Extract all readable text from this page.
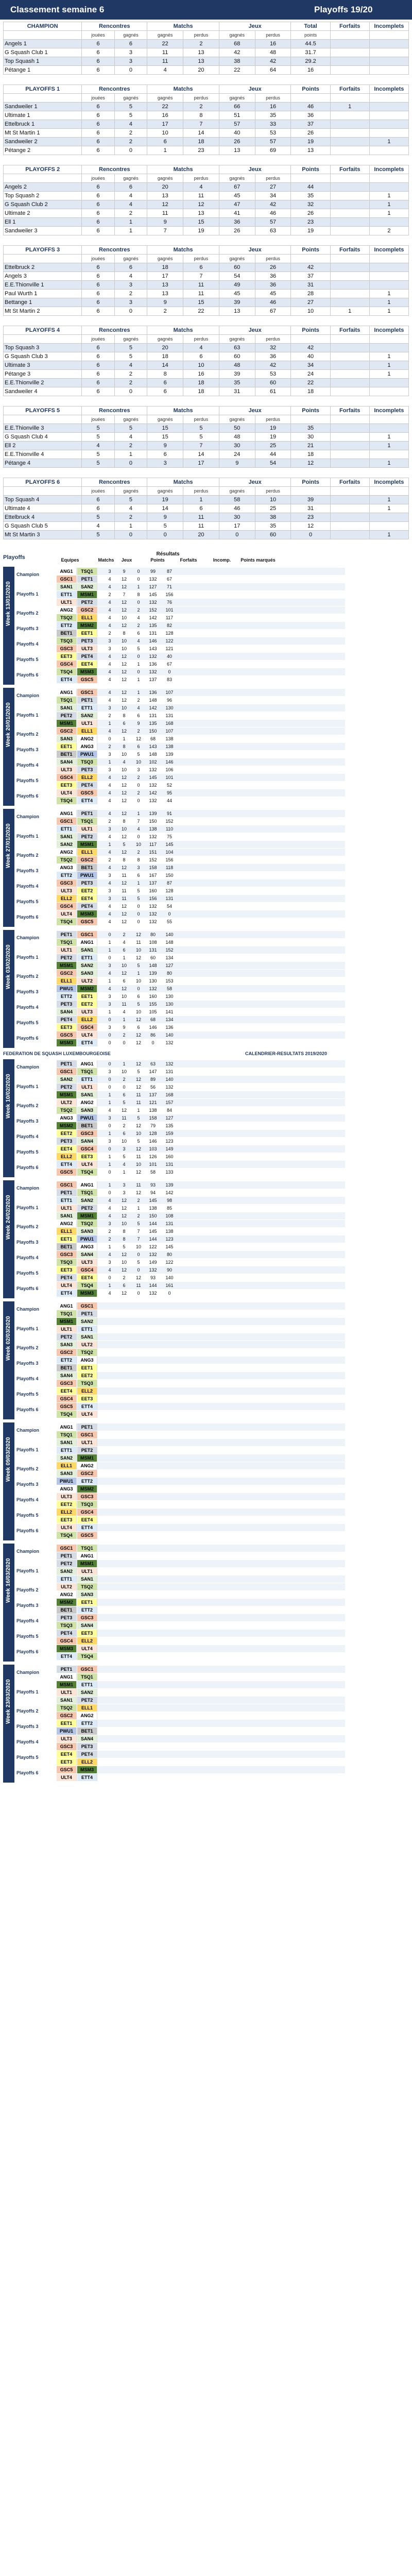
Classement semaine 6	Playoffs 19/20
CHAMPION	Rencontres		Matchs		Jeux		Total	Forfaits	Incomplets
	jouées	gagnés	gagnés	perdus	gagnés	perdus	points		
Angels 1	6	6	22	2	68	16	44.5		
G Squash Club 1	6	3	11	13	42	48	31.7		
Top Squash 1	6	3	11	13	38	42	29.2		
Pétange 1	6	0	4	20	22	64	16		
PLAYOFFS 1	Rencontres		Matchs		Jeux		Points	Forfaits	Incomplets
	jouées	gagnés	gagnés	perdus	gagnés	perdus			
Sandweiler 1	6	5	22	2	66	16	46	1	
Ultimate 1	6	5	16	8	51	35	36		
Ettelbruck 1	6	4	17	7	57	33	37		
Mt St Martin 1	6	2	10	14	40	53	26		
Sandweiler 2	6	2	6	18	26	57	19		1
Pétange 2	6	0	1	23	13	69	13		
PLAYOFFS 2	Rencontres		Matchs		Jeux		Points	Forfaits	Incomplets
	jouées	gagnés	gagnés	perdus	gagnés	perdus			
Angels 2	6	6	20	4	67	27	44		
Top Squash 2	6	4	13	11	45	34	35		1
G Squash Club 2	6	4	12	12	47	42	32		1
Ultimate 2	6	2	11	13	41	46	26		1
Ell 1	6	1	9	15	36	57	23		
Sandweiler 3	6	1	7	19	26	63	19		2
PLAYOFFS 3	Rencontres		Matchs		Jeux		Points	Forfaits	Incomplets
	jouées	gagnés	gagnés	perdus	gagnés	perdus			
Ettelbruck 2	6	6	18	6	60	26	42		
Angels 3	6	4	17	7	54	36	37		
E.E.Thionville 1	6	3	13	11	49	36	31		
Paul Wurth 1	6	2	13	11	45	45	28		1
Bettange 1	6	3	9	15	39	46	27		1
Mt St Martin 2	6	0	2	22	13	67	10	1	1
PLAYOFFS 4	Rencontres		Matchs		Jeux		Points	Forfaits	Incomplets
	jouées	gagnés	gagnés	perdus	gagnés	perdus			
Top Squash 3	6	5	20	4	63	32	42		
G Squash Club 3	6	5	18	6	60	36	40		1
Ultimate 3	6	4	14	10	48	42	34		1
Pétange 3	6	2	8	16	39	53	24		1
E.E.Thionville 2	6	2	6	18	35	60	22		
Sandweiler 4	6	0	6	18	31	61	18		
PLAYOFFS 5	Rencontres		Matchs		Jeux		Points	Forfaits	Incomplets
	jouées	gagnés	gagnés	perdus	gagnés	perdus			
E.E.Thionville 3	5	5	15	5	50	19	35		
G Squash Club 4	5	4	15	5	48	19	30		1
Ell 2	4	2	9	7	30	25	21		1
E.E.Thionville 4	5	1	6	14	24	44	18		
Pétange 4	5	0	3	17	9	54	12		1
PLAYOFFS 6	Rencontres		Matchs		Jeux		Points	Forfaits	Incomplets
	jouées	gagnés	gagnés	perdus	gagnés	perdus			
Top Squash 4	6	5	19	1	58	10	39		1
Ultimate 4	6	4	14	6	46	25	31		1
Ettelbruck 4	5	2	9	11	30	38	23		
G Squash Club 5	4	1	5	11	17	35	12		
Mt St Martin 3	5	0	0	20	0	60	0		1
Playoffs	Equipes	Matchs	Jeux	Points	Forfaits	Incomp.	Points marqués
Résultats
Week 13/01/2020
Champion
ANG1	TSQ1	3	9	0	99	87
GSC1	PET1	4	12	0	132	67
Playoffs 1
SAN1	SAN2	4	12	1	127	71
ETT1	MSM1	2	7	8	145	156
ULT1	PET2	4	12	0	132	76
Playoffs 2
ANG2	GSC2	4	12	2	152	101
TSQ2	ELL1	4	10	4	142	117
Playoffs 3
ETT2	MSM2	4	12	2	135	82
BET1	EET1	2	8	6	131	128
Playoffs 4
TSQ3	PET3	3	10	4	146	122
GSC3	ULT3	3	10	5	143	121
Playoffs 5
EET3	PET4	4	12	0	132	40
GSC4	EET4	4	12	1	136	67
Playoffs 6
TSQ4	MSM3	4	12	0	132	0
ETT4	GSC5	4	12	1	137	83
Week 20/01/2020
Champion
ANG1	GSC1	4	12	1	136	107
TSQ1	PET1	4	12	2	148	96
Playoffs 1
SAN1	ETT1	3	10	4	142	130
PET2	SAN2	2	8	6	131	131
MSM1	ULT1	1	6	9	135	168
Playoffs 2
GSC2	ELL1	4	12	2	150	107
SAN3	ANG2	0	1	12	68	138
Playoffs 3
EET1	ANG3	2	8	6	143	138
BET1	PWU1	3	10	5	148	139
Playoffs 4
SAN4	TSQ3	1	4	10	102	146
ULT3	PET3	3	10	3	132	106
Playoffs 5
GSC4	ELL2	4	12	2	145	101
EET3	PET4	4	12	0	132	52
Playoffs 6
ULT4	GSC5	4	12	2	142	95
TSQ4	ETT4	4	12	0	132	44
Week 27/01/2020
Champion
ANG1	PET1	4	12	1	139	91
GSC1	TSQ1	2	8	7	150	152
Playoffs 1
ETT1	ULT1	3	10	4	138	110
SAN1	PET2	4	12	0	132	75
SAN2	MSM1	1	5	10	117	145
Playoffs 2
ANG2	ELL1	4	12	2	151	104
TSQ2	GSC2	2	8	8	152	156
Playoffs 3
ANG3	BET1	4	12	3	158	118
ETT2	PWU1	3	11	6	167	150
Playoffs 4
GSC3	PET3	4	12	1	137	87
ULT3	EET2	3	11	5	160	128
Playoffs 5
ELL2	EET4	3	11	5	156	131
GSC4	PET4	4	12	0	132	54
Playoffs 6
ULT4	MSM3	4	12	0	132	0
TSQ4	GSC5	4	12	0	132	55
Week 03/02/2020
Champion
PET1	GSC1	0	2	12	80	140
TSQ1	ANG1	1	4	11	108	148
Playoffs 1
ULT1	SAN1	1	6	10	131	152
PET2	ETT1	0	1	12	60	134
MSM1	SAN2	3	10	5	148	127
Playoffs 2
GSC2	SAN3	4	12	1	139	80
ELL1	ULT2	1	6	10	130	153
Playoffs 3
PWU1	MSM2	4	12	0	132	58
ETT2	EET1	3	10	6	160	130
Playoffs 4
PET3	EET2	3	11	5	155	130
SAN4	ULT3	1	4	10	105	141
Playoffs 5
PET4	ELL2	0	1	12	68	134
EET3	GSC4	3	9	6	146	136
Playoffs 6
GSC5	ULT4	0	2	12	86	140
MSM3	ETT4	0	0	12	0	132
FEDERATION DE SQUASH LUXEMBOURGEOISE	CALENDRIER-RESULTATS 2019/2020
Week 10/02/2020
Champion
PET1	ANG1	0	1	12	63	132
GSC1	TSQ1	3	10	5	147	131
Playoffs 1
SAN2	ETT1	0	2	12	89	140
PET2	ULT1	0	0	12	56	132
MSM1	SAN1	1	6	11	137	168
Playoffs 2
ULT2	ANG2	1	5	11	121	157
TSQ2	SAN3	4	12	1	138	84
Playoffs 3
ANG3	PWU1	3	11	5	158	127
MSM2	BET1	0	2	12	79	135
Playoffs 4
EET2	GSC3	1	6	10	128	159
PET3	SAN4	3	10	5	146	123
Playoffs 5
EET4	GSC4	0	3	12	103	149
ELL2	EET3	1	5	11	126	160
Playoffs 6
ETT4	ULT4	1	4	10	101	131
GSC5	TSQ4	0	1	12	58	133
Week 24/02/2020
Champion
GSC1	ANG1	1	3	11	93	139
PET1	TSQ1	0	3	12	94	142
Playoffs 1
ETT1	SAN2	4	12	2	145	98
ULT1	PET2	4	12	1	138	85
SAN1	MSM1	4	12	2	150	108
Playoffs 2
ANG2	TSQ2	3	10	5	144	131
ELL1	SAN3	2	8	7	145	138
Playoffs 3
EET1	PWU1	2	8	7	144	123
BET1	ANG3	1	5	10	122	145
Playoffs 4
GSC3	SAN4	4	12	0	132	80
TSQ3	ULT3	3	10	5	149	122
Playoffs 5
EET3	GSC4	4	12	0	132	90
PET4	EET4	0	2	12	93	140
Playoffs 6
ULT4	TSQ4	1	6	11	144	161
ETT4	MSM3	4	12	0	132	0
Week 02/03/2020
Champion
ANG1	GSC1
TSQ1	PET1
Playoffs 1
MSM1	SAN2
ULT1	ETT1
PET2	SAN1
Playoffs 2
SAN3	ULT2
GSC2	TSQ2
Playoffs 3
ETT2	ANG3
BET1	EET1
Playoffs 4
SAN4	EET2
GSC3	TSQ3
Playoffs 5
EET4	ELL2
GSC4	EET3
Playoffs 6
GSC5	ETT4
TSQ4	ULT4
Week 09/03/2020
Champion
ANG1	PET1
TSQ1	GSC1
Playoffs 1
SAN1	ULT1
ETT1	PET2
SAN2	MSM1
Playoffs 2
ELL1	ANG2
SAN3	GSC2
Playoffs 3
PWU1	ETT2
ANG3	MSM2
Playoffs 4
ULT3	GSC3
EET2	TSQ3
Playoffs 5
ELL2	GSC4
EET3	EET4
Playoffs 6
ULT4	ETT4
TSQ4	GSC5
Week 16/03/2020
Champion
GSC1	TSQ1
PET1	ANG1
Playoffs 1
PET2	MSM1
SAN2	ULT1
ETT1	SAN1
Playoffs 2
ULT2	TSQ2
ANG2	SAN3
Playoffs 3
MSM2	EET1
BET1	ETT2
Playoffs 4
PET3	GSC3
TSQ3	SAN4
Playoffs 5
PET4	EET3
GSC4	ELL2
Playoffs 6
MSM3	ULT4
ETT4	TSQ4
Week 23/03/2020
Champion
PET1	GSC1
ANG1	TSQ1
Playoffs 1
MSM1	ETT1
ULT1	SAN2
SAN1	PET2
Playoffs 2
TSQ2	ELL1
GSC2	ANG2
Playoffs 3
EET1	ETT2
PWU1	BET1
Playoffs 4
ULT3	SAN4
GSC3	PET3
Playoffs 5
EET4	PET4
EET3	ELL2
Playoffs 6
GSC5	MSM3
ULT4	ETT4
